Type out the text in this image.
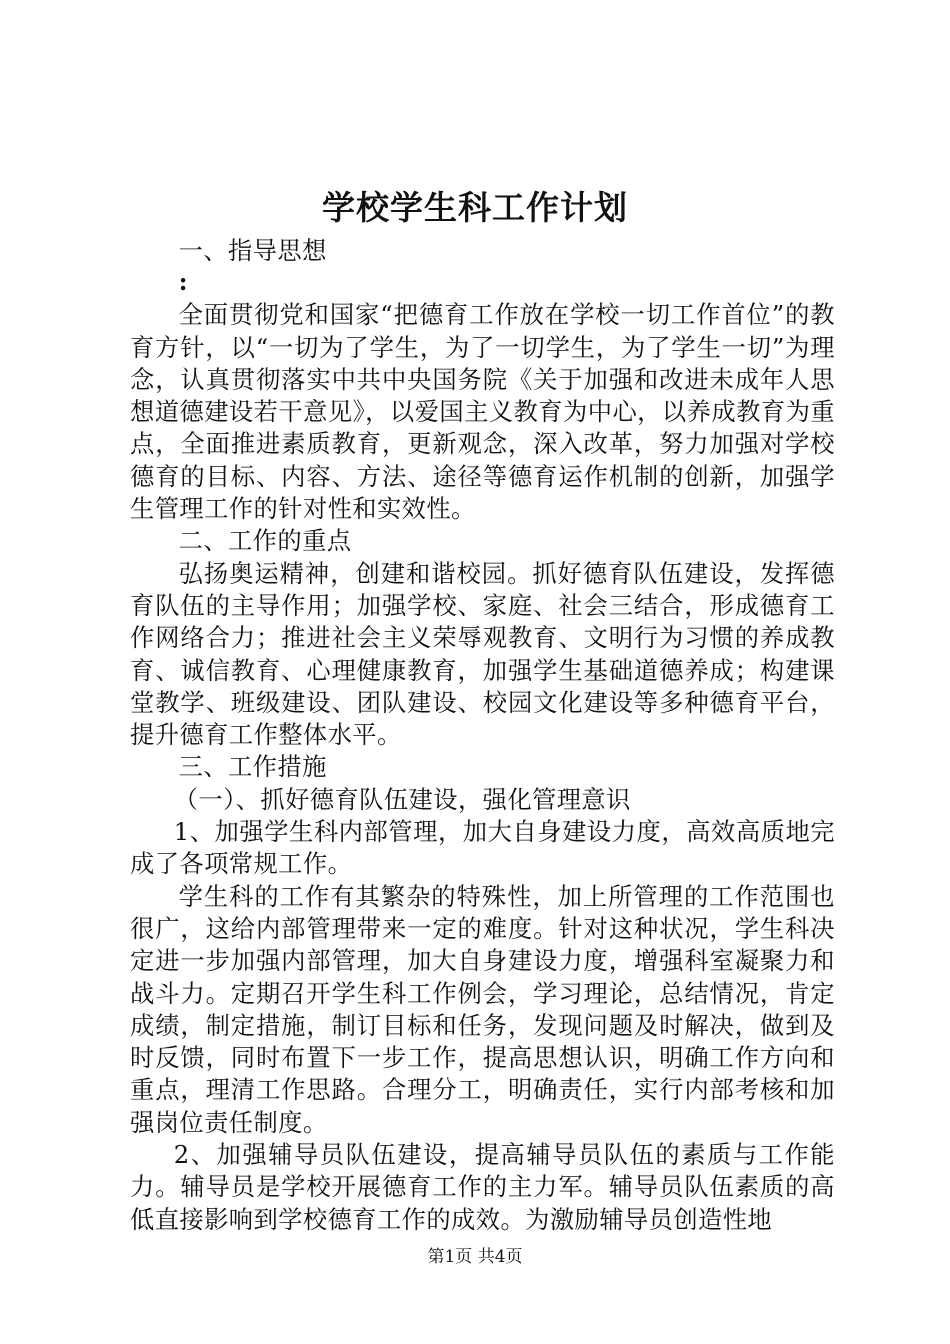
学校学生科工作计划

一、指导思想

:

全面贯彻党和国家“把德育工作放在学校一切工作首位”的教育方针，以“一切为了学生，为了一切学生，为了学生一切”为理念，认真贯彻落实中共中央国务院《关于加强和改进未成年人思想道德建设若干意见》，以爱国主义教育为中心，以养成教育为重点，全面推进素质教育，更新观念，深入改革，努力加强对学校德育的目标、内容、方法、途径等德育运作机制的创新，加强学生管理工作的针对性和实效性。

二、工作的重点

弘扬奥运精神，创建和谐校园。抓好德育队伍建设，发挥德育队伍的主导作用；加强学校、家庭、社会三结合，形成德育工作网络合力；推进社会主义荣辱观教育、文明行为习惯的养成教育、诚信教育、心理健康教育，加强学生基础道德养成；构建课堂教学、班级建设、团队建设、校园文化建设等多种德育平台，提升德育工作整体水平。

三、工作措施

（一）、抓好德育队伍建设，强化管理意识

1、加强学生科内部管理，加大自身建设力度，高效高质地完成了各项常规工作。

学生科的工作有其繁杂的特殊性，加上所管理的工作范围也很广，这给内部管理带来一定的难度。针对这种状况，学生科决定进一步加强内部管理，加大自身建设力度，增强科室凝聚力和战斗力。定期召开学生科工作例会，学习理论，总结情况，肯定成绩，制定措施，制订目标和任务，发现问题及时解决，做到及时反馈，同时布置下一步工作，提高思想认识，明确工作方向和重点，理清工作思路。合理分工，明确责任，实行内部考核和加强岗位责任制度。

2、加强辅导员队伍建设，提高辅导员队伍的素质与工作能力。辅导员是学校开展德育工作的主力军。辅导员队伍素质的高低直接影响到学校德育工作的成效。为激励辅导员创造性地

第1页 共4页
